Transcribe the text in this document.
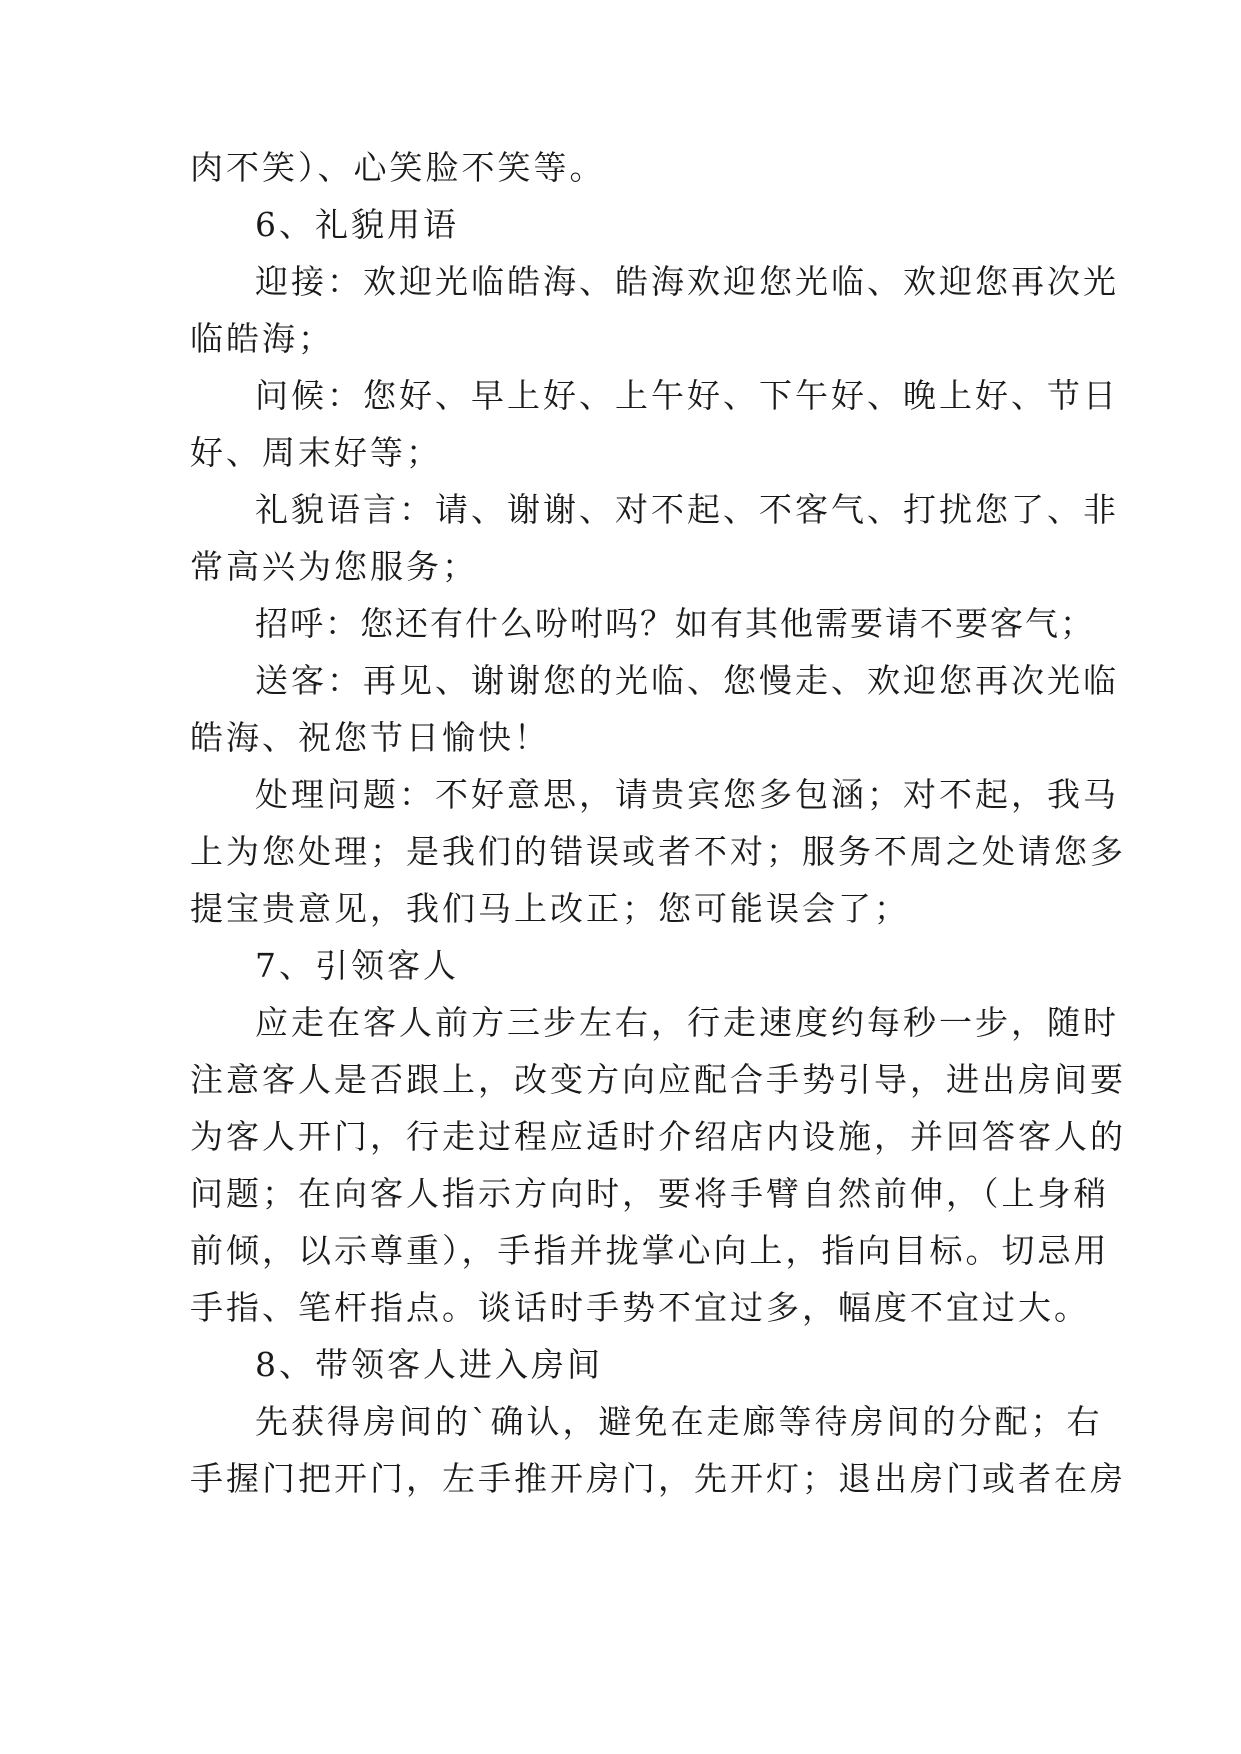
肉不笑）、心笑脸不笑等。
6、礼貌用语
迎接：欢迎光临皓海、皓海欢迎您光临、欢迎您再次光
临皓海；
问候：您好、早上好、上午好、下午好、晚上好、节日
好、周末好等；
礼貌语言：请、谢谢、对不起、不客气、打扰您了、非
常高兴为您服务；
招呼：您还有什么吩咐吗？如有其他需要请不要客气；
送客：再见、谢谢您的光临、您慢走、欢迎您再次光临
皓海、祝您节日愉快！
处理问题：不好意思，请贵宾您多包涵；对不起，我马
上为您处理；是我们的错误或者不对；服务不周之处请您多
提宝贵意见，我们马上改正；您可能误会了；
7、引领客人
应走在客人前方三步左右，行走速度约每秒一步，随时
注意客人是否跟上，改变方向应配合手势引导，进出房间要
为客人开门，行走过程应适时介绍店内设施，并回答客人的
问题；在向客人指示方向时，要将手臂自然前伸，（上身稍
前倾，以示尊重），手指并拢掌心向上，指向目标。切忌用
手指、笔杆指点。谈话时手势不宜过多，幅度不宜过大。
8、带领客人进入房间
先获得房间的`确认，避免在走廊等待房间的分配；右
手握门把开门，左手推开房门，先开灯；退出房门或者在房
